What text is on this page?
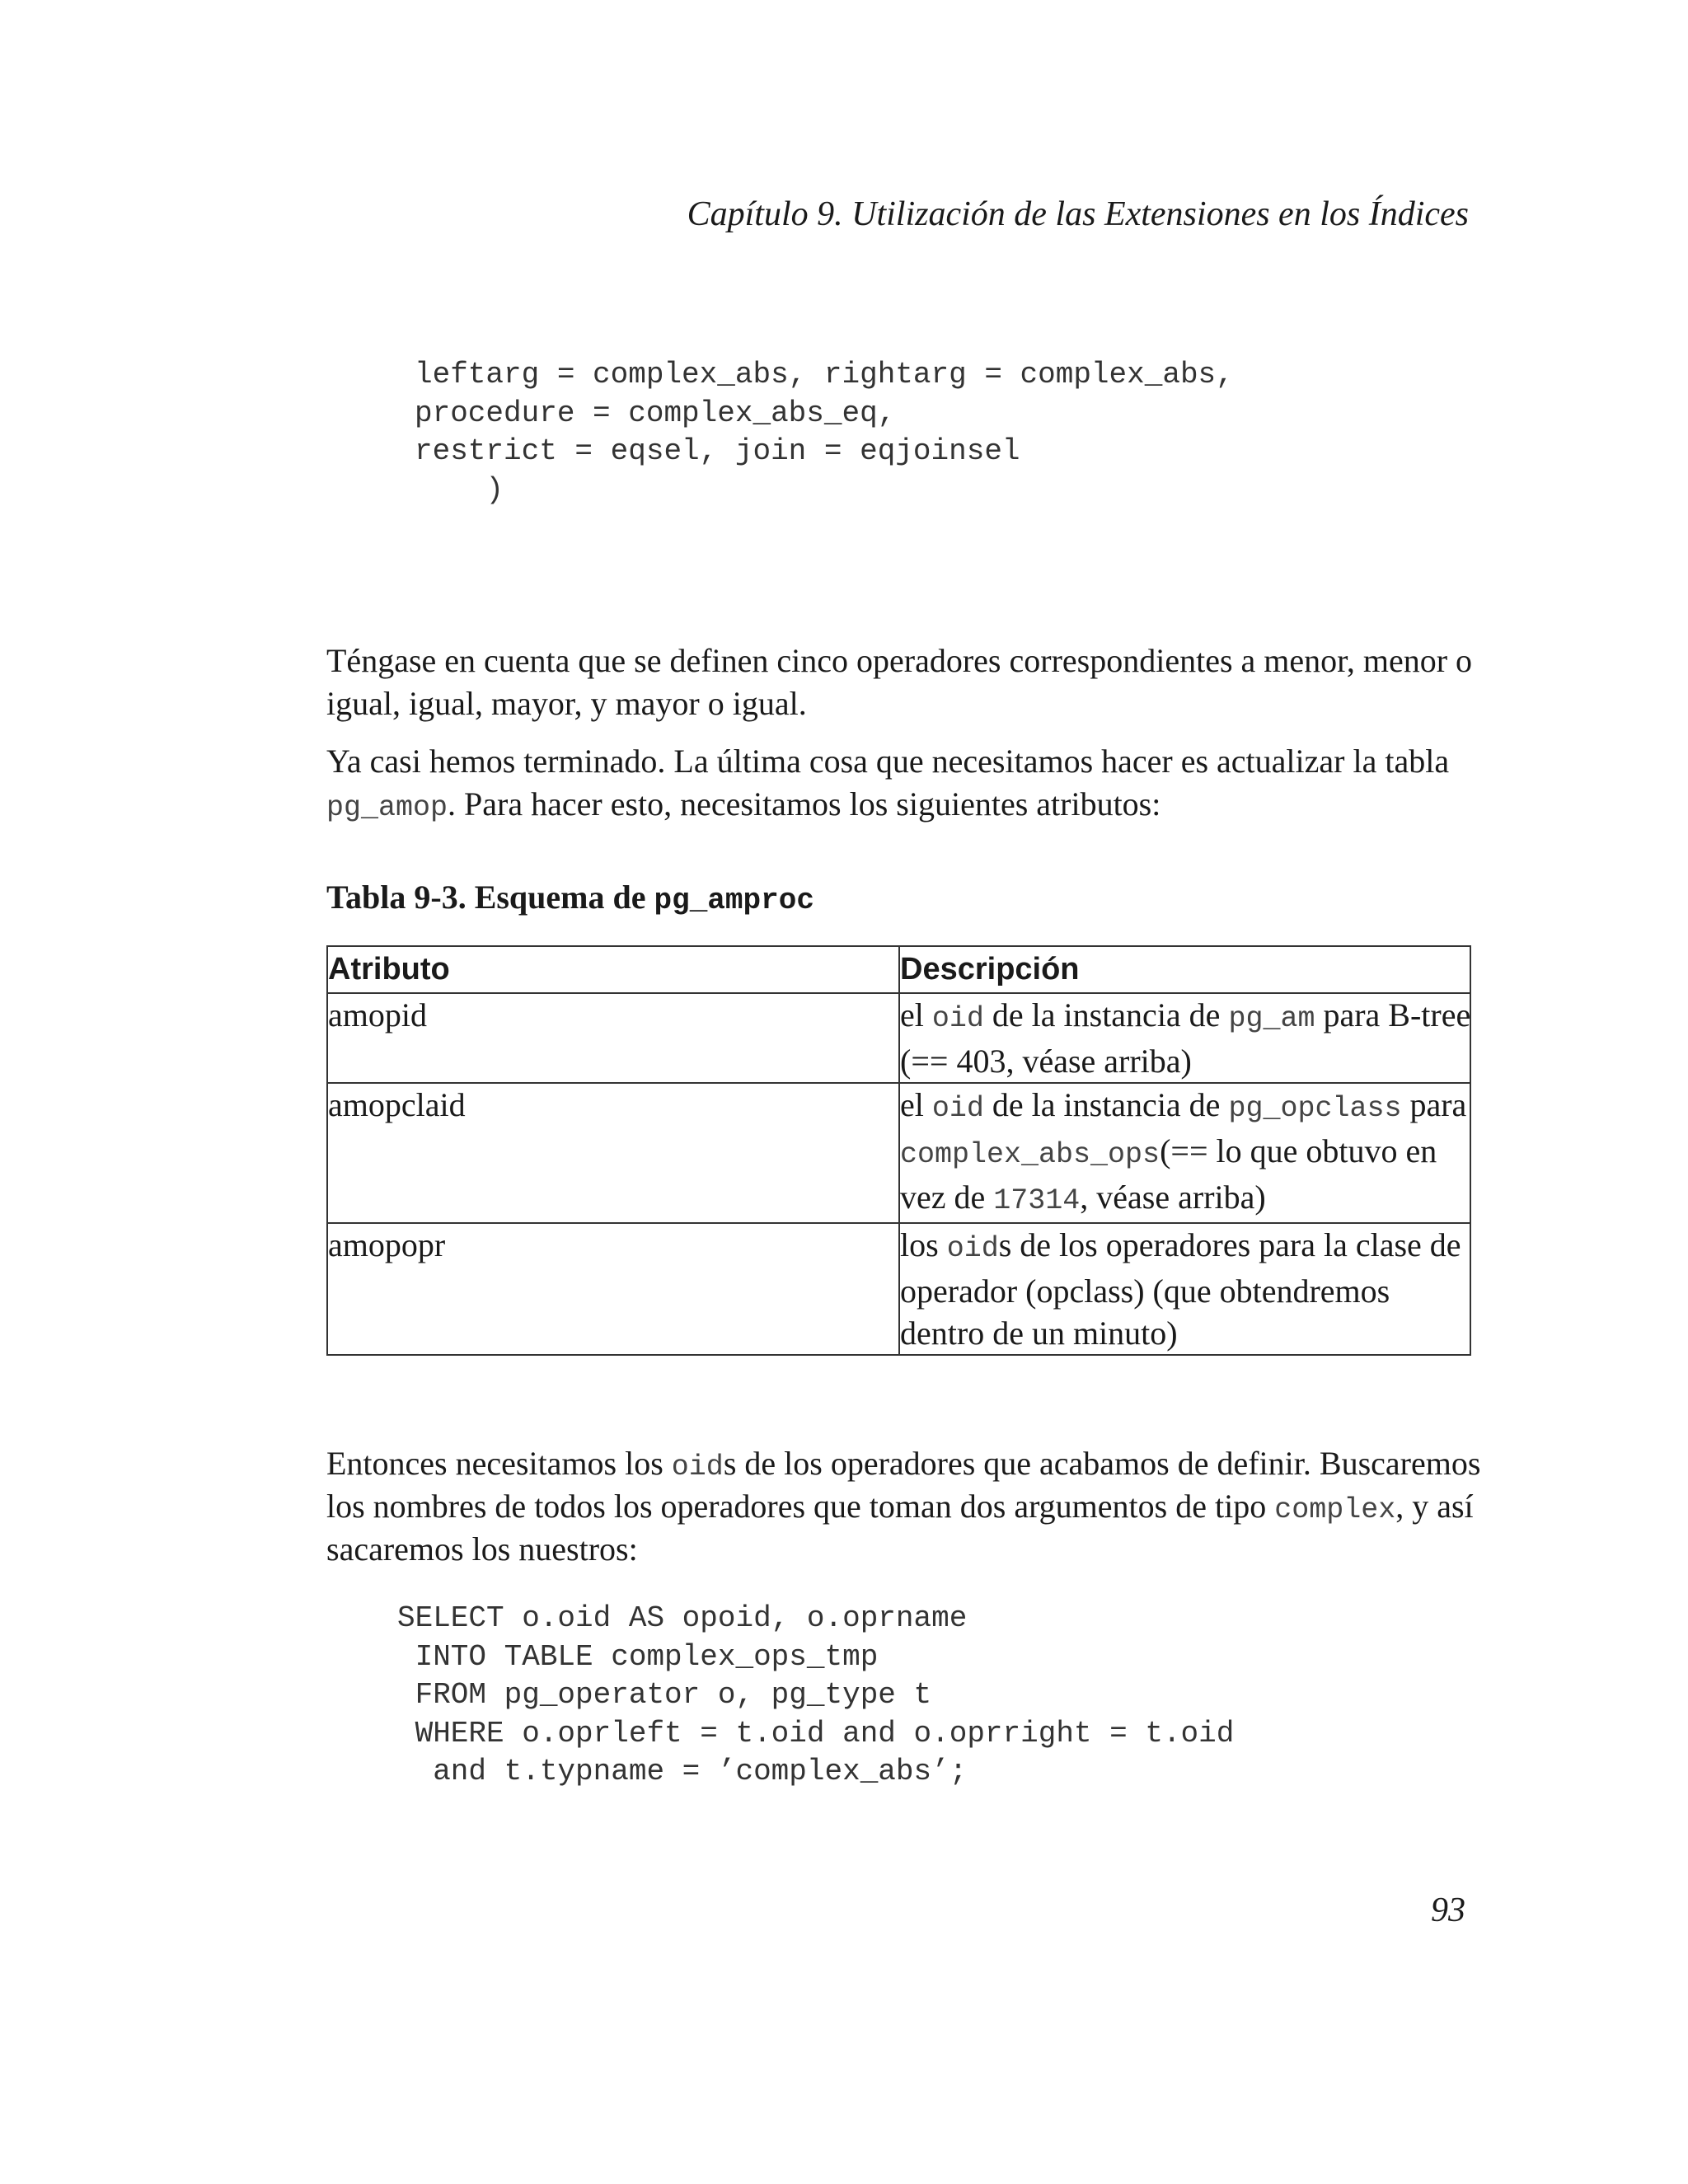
Capítulo 9. Utilización de las Extensiones en los Índices
leftarg = complex_abs, rightarg = complex_abs,
procedure = complex_abs_eq,
restrict = eqsel, join = eqjoinsel
)
Téngase en cuenta que se definen cinco operadores correspondientes a menor, menor o
igual, igual, mayor, y mayor o igual.
Ya casi hemos terminado. La última cosa que necesitamos hacer es actualizar la tabla
pg_amop. Para hacer esto, necesitamos los siguientes atributos:
Tabla 9-3. Esquema de pg_amproc
Atributo	Descripción
amopid	el oid de la instancia de pg_am para B-tree
(== 403, véase arriba)

amopclaid	el oid de la instancia de pg_opclass para
complex_abs_ops(== lo que obtuvo en
vez de 17314, véase arriba)

amopopr	los oids de los operadores para la clase de
operador (opclass) (que obtendremos
dentro de un minuto)
Entonces necesitamos los oids de los operadores que acabamos de definir. Buscaremos
los nombres de todos los operadores que toman dos argumentos de tipo complex, y así
sacaremos los nuestros:
SELECT o.oid AS opoid, o.oprname
INTO TABLE complex_ops_tmp
FROM pg_operator o, pg_type t
WHERE o.oprleft = t.oid and o.oprright = t.oid
and t.typname = ’complex_abs’;
93
